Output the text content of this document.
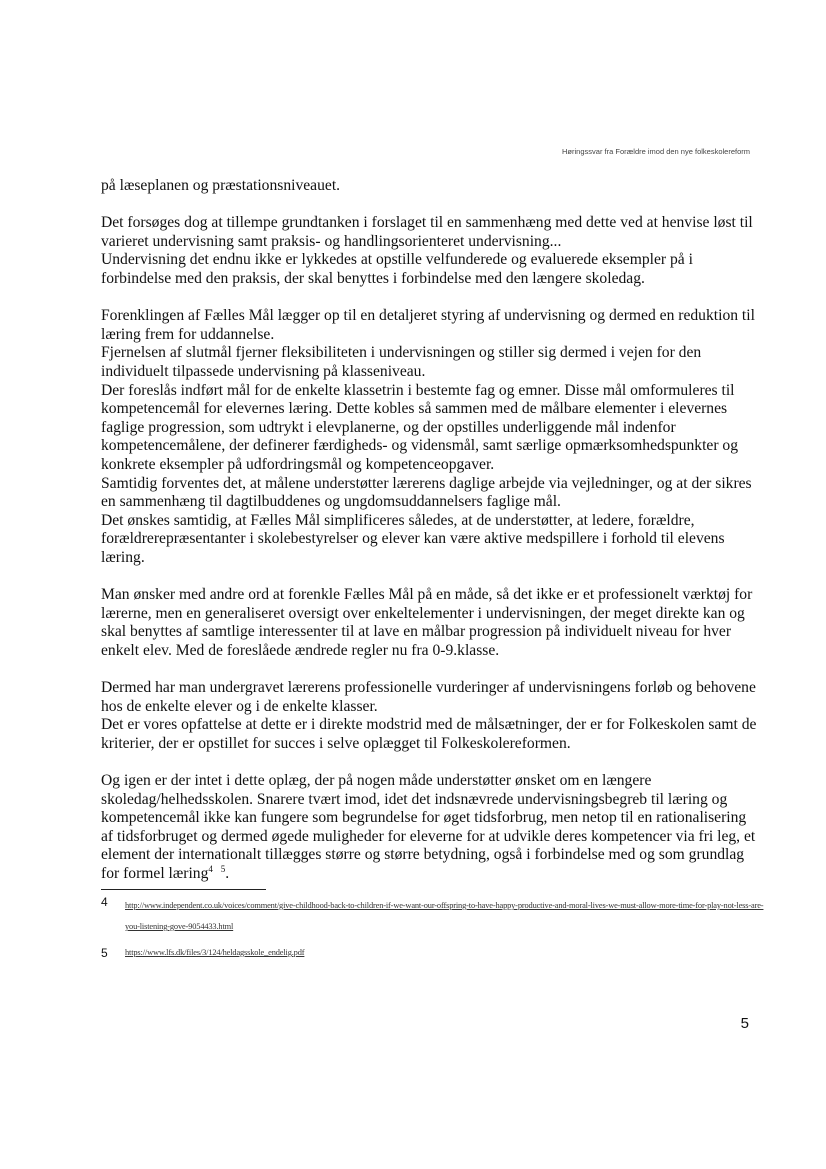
Høringssvar fra Forældre imod den nye folkeskolereform

på læseplanen og præstationsniveauet.

Det forsøges dog at tillempe grundtanken i forslaget til en sammenhæng med dette ved at henvise løst til varieret undervisning samt praksis- og handlingsorienteret undervisning...

Undervisning det endnu ikke er lykkedes at opstille velfunderede og evaluerede eksempler på i forbindelse med den praksis, der skal benyttes i forbindelse med den længere skoledag.

Forenklingen af Fælles Mål lægger op til en detaljeret styring af undervisning og dermed en reduktion til læring frem for uddannelse.

Fjernelsen af slutmål fjerner fleksibiliteten i undervisningen og stiller sig dermed i vejen for den individuelt tilpassede undervisning på klasseniveau.

Der foreslås indført mål for de enkelte klassetrin i bestemte fag og emner. Disse mål omformuleres til kompetencemål for elevernes læring. Dette kobles så sammen med de målbare elementer i elevernes faglige progression, som udtrykt i elevplanerne, og der opstilles underliggende mål indenfor kompetencemålene, der definerer færdigheds- og vidensmål, samt særlige opmærksomhedspunkter og konkrete eksempler på udfordringsmål og kompetenceopgaver.

Samtidig forventes det, at målene understøtter lærerens daglige arbejde via vejledninger, og at der sikres en sammenhæng til dagtilbuddenes og ungdomsuddannelsers faglige mål.

Det ønskes samtidig, at Fælles Mål simplificeres således, at de understøtter, at ledere, forældre, forældrerepræsentanter i skolebestyrelser og elever kan være aktive medspillere i forhold til elevens læring.

Man ønsker med andre ord at forenkle Fælles Mål på en måde, så det ikke er et professionelt værktøj for lærerne, men en generaliseret oversigt over enkeltelementer i undervisningen, der meget direkte kan og skal benyttes af samtlige interessenter til at lave en målbar progression på individuelt niveau for hver enkelt elev. Med de foreslåede ændrede regler nu fra 0-9.klasse.

Dermed har man undergravet lærerens professionelle vurderinger af undervisningens forløb og behovene hos de enkelte elever og i de enkelte klasser.

Det er vores opfattelse at dette er i direkte modstrid med de målsætninger, der er for Folkeskolen samt de kriterier, der er opstillet for succes i selve oplægget til Folkeskolereformen.

Og igen er der intet i dette oplæg, der på nogen måde understøtter ønsket om en længere skoledag/helhedsskolen. Snarere tvært imod, idet det indsnævrede undervisningsbegreb til læring og kompetencemål ikke kan fungere som begrundelse for øget tidsforbrug, men netop til en rationalisering af tidsforbruget og dermed øgede muligheder for eleverne for at udvikle deres kompetencer via fri leg, et element der internationalt tillægges større og større betydning, også i forbindelse med og som grundlag for formel læring$^4$ $^5$.

4 http://www.independent.co.uk/voices/comment/give-childhood-back-to-children-if-we-want-our-offspring-to-have-happy-productive-and-moral-lives-we-must-allow-more-time-for-play-not-less-are-you-listening-gove-9054433.html
5 https://www.lfs.dk/files/3/124/heldagsskole_endelig.pdf
5
